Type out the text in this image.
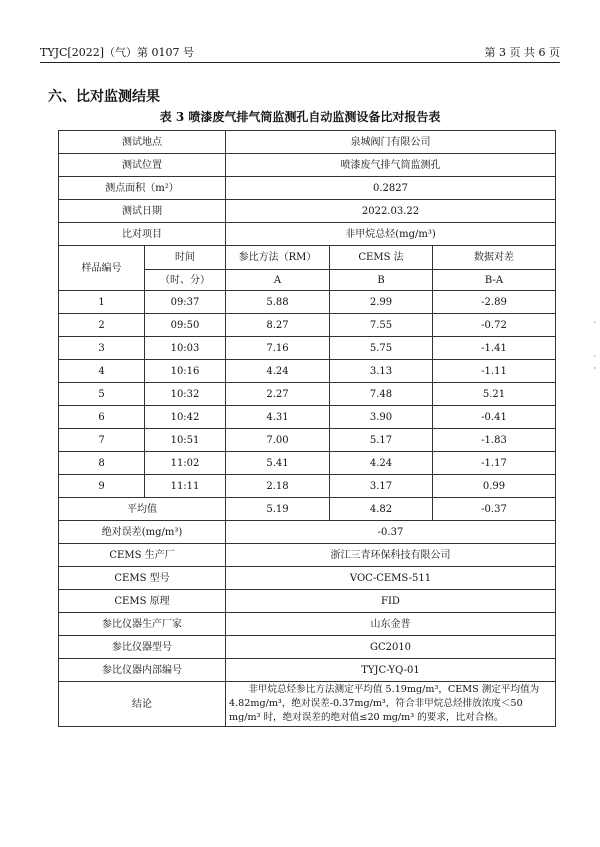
TYJC[2022]（气）第 0107 号	第 3 页 共 6 页
六、比对监测结果
表 3 喷漆废气排气筒监测孔自动监测设备比对报告表
测试地点		泉城阀门有限公司		
测试位置		喷漆废气排气筒监测孔		
测点面积（m²）		0.2827		
测试日期		2022.03.22		
比对项目		非甲烷总烃(mg/m³)		
样品编号	时间	参比方法（RM）	CEMS 法	数据对差
	（时、分）	A	B	B-A
1	09:37	5.88	2.99	-2.89
2	09:50	8.27	7.55	-0.72
3	10:03	7.16	5.75	-1.41
4	10:16	4.24	3.13	-1.11
5	10:32	2.27	7.48	5.21
6	10:42	4.31	3.90	-0.41
7	10:51	7.00	5.17	-1.83
8	11:02	5.41	4.24	-1.17
9	11:11	2.18	3.17	0.99
平均值		5.19	4.82	-0.37
绝对误差(mg/m³)		-0.37		
CEMS 生产厂		浙江三青环保科技有限公司		
CEMS 型号		VOC-CEMS-511		
CEMS 原理		FID		
参比仪器生产厂家		山东金普		
参比仪器型号		GC2010		
参比仪器内部编号		TYJC-YQ-01		
结论		非甲烷总烃参比方法测定平均值 5.19mg/m³，CEMS 测定平均值为 4.82mg/m³，绝对误差-0.37mg/m³，符合非甲烷总烃排放浓度＜50 mg/m³ 时，绝对误差的绝对值≤20 mg/m³ 的要求，比对合格。		
·
·
·
